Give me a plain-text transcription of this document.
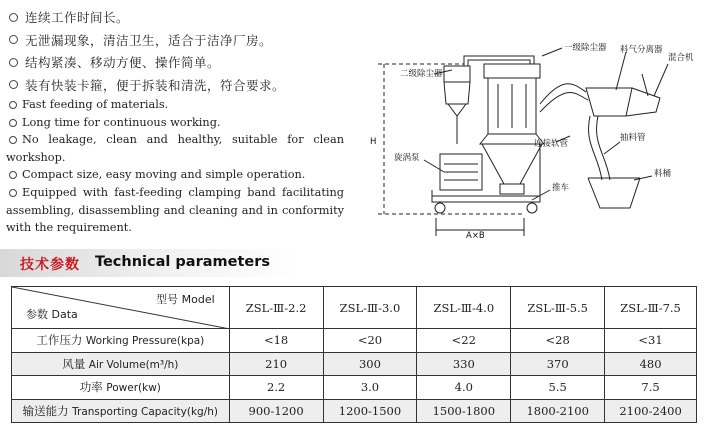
连续工作时间长。
无泄漏现象，清洁卫生，适合于洁净厂房。
结构紧凑、移动方便、操作简单。
装有快装卡箍，便于拆装和清洗，符合要求。
Fast feeding of materials.
Long time for continuous working.
No leakage, clean and healthy, suitable for clean workshop.
Compact size, easy moving and simple operation.
Equipped with fast-feeding clamping band facilitating assembling, disassembling and cleaning and in conformity with the requirement.
一级除尘器
二级除尘器
料气分离器
混合机
连接软管
抽料管
旋涡泵
推车
料桶
H
A×B
技术参数 Technical parameters
型号 Model
参数 Data	ZSL-Ⅲ-2.2	ZSL-Ⅲ-3.0	ZSL-Ⅲ-4.0	ZSL-Ⅲ-5.5	ZSL-Ⅲ-7.5
工作压力 Working Pressure(kpa)	<18	<20	<22	<28	<31
风量 Air Volume(m³/h)	210	300	330	370	480
功率 Power(kw)	2.2	3.0	4.0	5.5	7.5
输送能力 Transporting Capacity(kg/h)	900-1200	1200-1500	1500-1800	1800-2100	2100-2400
